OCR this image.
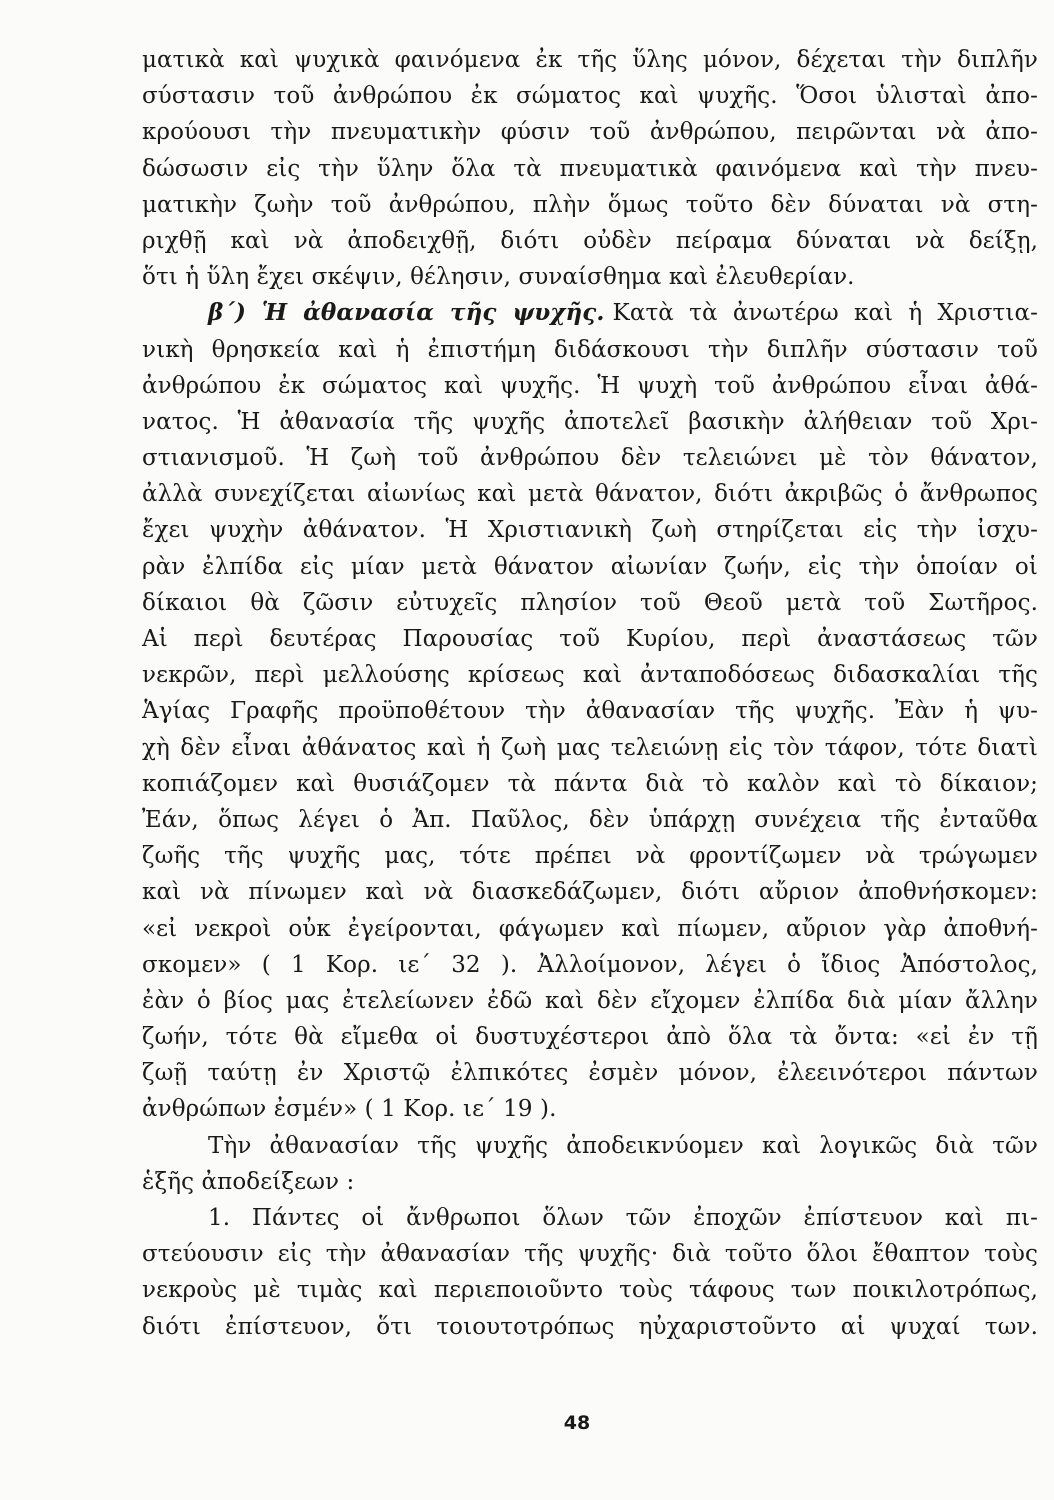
ματικὰ καὶ ψυχικὰ φαινόμενα ἐκ τῆς ὕλης μόνον, δέχεται τὴν διπλῆν
σύστασιν τοῦ ἀνθρώπου ἐκ σώματος καὶ ψυχῆς. Ὅσοι ὑλισταὶ ἀπο-
κρούουσι τὴν πνευματικὴν φύσιν τοῦ ἀνθρώπου, πειρῶνται νὰ ἀπο-
δώσωσιν εἰς τὴν ὕλην ὅλα τὰ πνευματικὰ φαινόμενα καὶ τὴν πνευ-
ματικὴν ζωὴν τοῦ ἀνθρώπου, πλὴν ὅμως τοῦτο δὲν δύναται νὰ στη-
ριχθῇ καὶ νὰ ἀποδειχθῇ, διότι οὐδὲν πείραμα δύναται νὰ δείξῃ,
ὅτι ἡ ὕλη ἔχει σκέψιν, θέλησιν, συναίσθημα καὶ ἐλευθερίαν.
β΄) Ἡ ἀθανασία τῆς ψυχῆς. Κατὰ τὰ ἀνωτέρω καὶ ἡ Χριστια-
νικὴ θρησκεία καὶ ἡ ἐπιστήμη διδάσκουσι τὴν διπλῆν σύστασιν τοῦ
ἀνθρώπου ἐκ σώματος καὶ ψυχῆς. Ἡ ψυχὴ τοῦ ἀνθρώπου εἶναι ἀθά-
νατος. Ἡ ἀθανασία τῆς ψυχῆς ἀποτελεῖ βασικὴν ἀλήθειαν τοῦ Χρι-
στιανισμοῦ. Ἡ ζωὴ τοῦ ἀνθρώπου δὲν τελειώνει μὲ τὸν θάνατον,
ἀλλὰ συνεχίζεται αἰωνίως καὶ μετὰ θάνατον, διότι ἀκριβῶς ὁ ἄνθρωπος
ἔχει ψυχὴν ἀθάνατον. Ἡ Χριστιανικὴ ζωὴ στηρίζεται εἰς τὴν ἰσχυ-
ρὰν ἐλπίδα εἰς μίαν μετὰ θάνατον αἰωνίαν ζωήν, εἰς τὴν ὁποίαν οἱ
δίκαιοι θὰ ζῶσιν εὐτυχεῖς πλησίον τοῦ Θεοῦ μετὰ τοῦ Σωτῆρος.
Αἱ περὶ δευτέρας Παρουσίας τοῦ Κυρίου, περὶ ἀναστάσεως τῶν
νεκρῶν, περὶ μελλούσης κρίσεως καὶ ἀνταποδόσεως διδασκαλίαι τῆς
Ἁγίας Γραφῆς προϋποθέτουν τὴν ἀθανασίαν τῆς ψυχῆς. Ἐὰν ἡ ψυ-
χὴ δὲν εἶναι ἀθάνατος καὶ ἡ ζωὴ μας τελειώνῃ εἰς τὸν τάφον, τότε διατὶ
κοπιάζομεν καὶ θυσιάζομεν τὰ πάντα διὰ τὸ καλὸν καὶ τὸ δίκαιον;
Ἐάν, ὅπως λέγει ὁ Ἀπ. Παῦλος, δὲν ὑπάρχῃ συνέχεια τῆς ἐνταῦθα
ζωῆς τῆς ψυχῆς μας, τότε πρέπει νὰ φροντίζωμεν νὰ τρώγωμεν
καὶ νὰ πίνωμεν καὶ νὰ διασκεδάζωμεν, διότι αὔριον ἀποθνήσκομεν:
«εἰ νεκροὶ οὐκ ἐγείρονται, φάγωμεν καὶ πίωμεν, αὔριον γὰρ ἀποθνή-
σκομεν» ( 1 Κορ. ιε΄ 32 ). Ἀλλοίμονον, λέγει ὁ ἴδιος Ἀπόστολος,
ἐὰν ὁ βίος μας ἐτελείωνεν ἐδῶ καὶ δὲν εἴχομεν ἐλπίδα διὰ μίαν ἄλλην
ζωήν, τότε θὰ εἴμεθα οἱ δυστυχέστεροι ἀπὸ ὅλα τὰ ὄντα: «εἰ ἐν τῇ
ζωῇ ταύτῃ ἐν Χριστῷ ἐλπικότες ἐσμὲν μόνον, ἐλεεινότεροι πάντων
ἀνθρώπων ἐσμέν» ( 1 Κορ. ιε΄ 19 ).
Τὴν ἀθανασίαν τῆς ψυχῆς ἀποδεικνύομεν καὶ λογικῶς διὰ τῶν
ἑξῆς ἀποδείξεων :
1. Πάντες οἱ ἄνθρωποι ὅλων τῶν ἐποχῶν ἐπίστευον καὶ πι-
στεύουσιν εἰς τὴν ἀθανασίαν τῆς ψυχῆς· διὰ τοῦτο ὅλοι ἔθαπτον τοὺς
νεκροὺς μὲ τιμὰς καὶ περιεποιοῦντο τοὺς τάφους των ποικιλοτρόπως,
διότι ἐπίστευον, ὅτι τοιουτοτρόπως ηὐχαριστοῦντο αἱ ψυχαί των.
48
